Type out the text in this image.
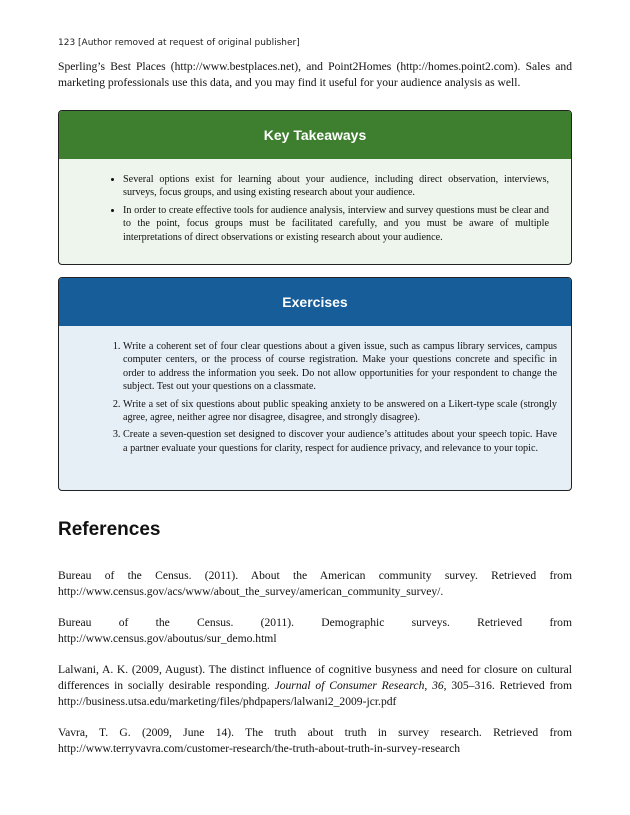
123 [Author removed at request of original publisher]

Sperling’s Best Places (http://www.bestplaces.net), and Point2Homes (http://homes.point2.com). Sales and marketing professionals use this data, and you may find it useful for your audience analysis as well.

Key Takeaways
• Several options exist for learning about your audience, including direct observation, interviews, surveys, focus groups, and using existing research about your audience.
• In order to create effective tools for audience analysis, interview and survey questions must be clear and to the point, focus groups must be facilitated carefully, and you must be aware of multiple interpretations of direct observations or existing research about your audience.
Exercises
1. Write a coherent set of four clear questions about a given issue, such as campus library services, campus computer centers, or the process of course registration. Make your questions concrete and specific in order to address the information you seek. Do not allow opportunities for your respondent to change the subject. Test out your questions on a classmate.
2. Write a set of six questions about public speaking anxiety to be answered on a Likert-type scale (strongly agree, agree, neither agree nor disagree, disagree, and strongly disagree).
3. Create a seven-question set designed to discover your audience’s attitudes about your speech topic. Have a partner evaluate your questions for clarity, respect for audience privacy, and relevance to your topic.
References

Bureau of the Census. (2011). About the American community survey. Retrieved from http://www.census.gov/acs/www/about_the_survey/american_community_survey/.

Bureau of the Census. (2011). Demographic surveys. Retrieved from http://www.census.gov/aboutus/sur_demo.html

Lalwani, A. K. (2009, August). The distinct influence of cognitive busyness and need for closure on cultural differences in socially desirable responding. Journal of Consumer Research, 36, 305–316. Retrieved from http://business.utsa.edu/marketing/files/phdpapers/lalwani2_2009-jcr.pdf

Vavra, T. G. (2009, June 14). The truth about truth in survey research. Retrieved from http://www.terryvavra.com/customer-research/the-truth-about-truth-in-survey-research
